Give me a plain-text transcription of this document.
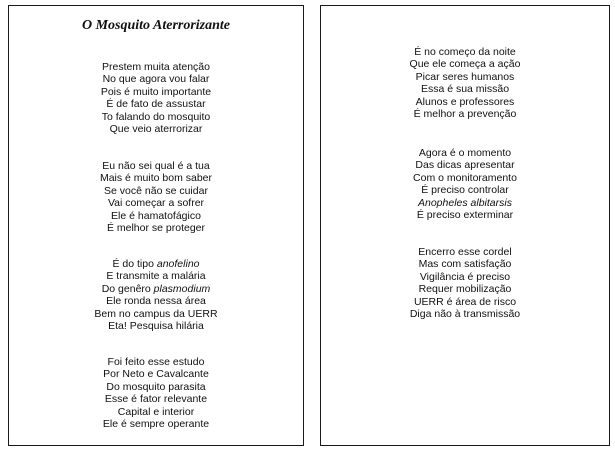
O Mosquito Aterrorizante
Prestem muita atenção
No que agora vou falar
Pois é muito importante
É de fato de assustar
To falando do mosquito
Que veio aterrorizar
Eu não sei qual é a tua
Mais é muito bom saber
Se você não se cuidar
Vai começar a sofrer
Ele é hamatofágico
É melhor se proteger
É do tipo anofelino
E transmite a malária
Do genêro plasmodium
Ele ronda nessa área
Bem no campus da UERR
Eta! Pesquisa hilária
Foi feito esse estudo
Por Neto e Cavalcante
Do mosquito parasita
Esse é fator relevante
Capital e interior
Ele é sempre operante
É no começo da noite
Que ele começa a ação
Picar seres humanos
Essa é sua missão
Alunos e professores
É melhor a prevenção
Agora é o momento
Das dicas apresentar
Com o monitoramento
É preciso controlar
Anopheles albitarsis
É preciso exterminar
Encerro esse cordel
Mas com satisfação
Vigilância é preciso
Requer mobilização
UERR é área de risco
Diga não à transmissão
